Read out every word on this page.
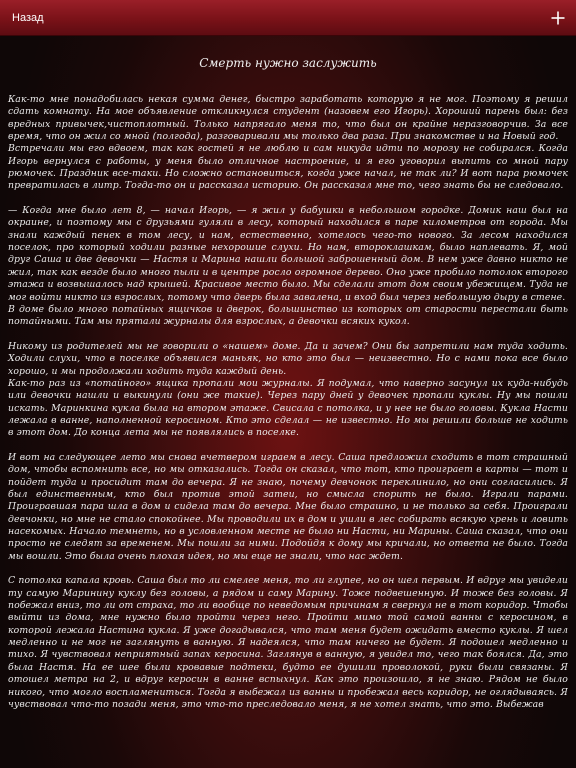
Назад
Смерть нужно заслужить

Как-то мне понадобилась некая сумма денег, быстро заработать которую я не мог. Поэтому я решил сдать комнату. На мое объявление откликнулся студент (назовем его Игорь). Хороший парень был: без вредных привычек,чистоплотный. Только напрягало меня то, что был он крайне неразговорчив. За все время, что он жил со мной (полгода), разговаривали мы только два раза. При знакомстве и на Новый год.
Встречали мы его вдвоем, так как гостей я не люблю и сам никуда идти по морозу не собирался. Когда Игорь вернулся с работы, у меня было отличное настроение, и я его уговорил выпить со мной пару рюмочек. Праздник все-таки. Но сложно остановиться, когда уже начал, не так ли? И вот пара рюмочек превратилась в литр. Тогда-то он и рассказал историю. Он рассказал мне то, чего знать бы не следовало.

— Когда мне было лет 8, — начал Игорь, — я жил у бабушки в небольшом городке. Домик наш был на окраине, и поэтому мы с друзьями гуляли в лесу, который находился в паре километров от города. Мы знали каждый пенек в том лесу, и нам, естественно, хотелось чего-то нового. За лесом находился поселок, про который ходили разные нехорошие слухи. Но нам, второклашкам, было наплевать. Я, мой друг Саша и две девочки — Настя и Марина нашли большой заброшенный дом. В нем уже давно никто не жил, так как везде было много пыли и в центре росло огромное дерево. Оно уже пробило потолок второго этажа и возвышалось над крышей. Красивое место было. Мы сделали этот дом своим убежищем. Туда не мог войти никто из взрослых, потому что дверь была завалена, и вход был через небольшую дыру в стене.
В доме было много потайных ящичков и дверок, большинство из которых от старости перестали быть потайными. Там мы прятали журналы для взрослых, а девочки всяких кукол.

Никому из родителей мы не говорили о «нашем» доме. Да и зачем? Они бы запретили нам туда ходить. Ходили слухи, что в поселке объявился маньяк, но кто это был — неизвестно. Но с нами пока все было хорошо, и мы продолжали ходить туда каждый день.
Как-то раз из «потайного» ящика пропали мои журналы. Я подумал, что наверно засунул их куда-нибудь или девочки нашли и выкинули (они же такие). Через пару дней у девочек пропали куклы. Ну мы пошли искать. Маринкина кукла была на втором этаже. Свисала с потолка, и у нее не было головы. Кукла Насти лежала в ванне, наполненной керосином. Кто это сделал — не известно. Но мы решили больше не ходить в этот дом. До конца лета мы не появлялись в поселке.

И вот на следующее лето мы снова вчетвером играем в лесу. Саша предложил сходить в тот страшный дом, чтобы вспомнить все, но мы отказались. Тогда он сказал, что тот, кто проиграет в карты — тот и пойдет туда и просидит там до вечера. Я не знаю, почему девчонок переклинило, но они согласились. Я был единственным, кто был против этой затеи, но смысла спорить не было. Играли парами. Проигравшая пара шла в дом и сидела там до вечера. Мне было страшно, и не только за себя. Проиграли девчонки, но мне не стало спокойнее. Мы проводили их в дом и ушли в лес собирать всякую хрень и ловить насекомых. Начало темнеть, но в условленном месте не было ни Насти, ни Марины. Саша сказал, что они просто не следят за временем. Мы пошли за ними. Подойдя к дому мы кричали, но ответа не было. Тогда мы вошли. Это была очень плохая идея, но мы еще не знали, что нас ждет.

С потолка капала кровь. Саша был то ли смелее меня, то ли глупее, но он шел первым. И вдруг мы увидели ту самую Маринину куклу без головы, а рядом и саму Марину. Тоже подвешенную. И тоже без головы. Я побежал вниз, то ли от страха, то ли вообще по неведомым причинам я свернул не в тот коридор. Чтобы выйти из дома, мне нужно было пройти через него. Пройти мимо той самой ванны с керосином, в которой лежала Настина кукла. Я уже догадывался, что там меня будет ожидать вместо куклы. Я шел медленно и не мог не заглянуть в ванную. Я надеялся, что там ничего не будет. Я подошел медленно и тихо. Я чувствовал неприятный запах керосина. Заглянув в ванную, я увидел то, чего так боялся. Да, это была Настя. На ее шее были кровавые подтеки, будто ее душили проволокой, руки были связаны. Я отошел метра на 2, и вдруг керосин в ванне вспыхнул. Как это произошло, я не знаю. Рядом не было никого, что могло воспламениться. Тогда я выбежал из ванны и пробежал весь коридор, не оглядываясь. Я чувствовал что-то позади меня, это что-то преследовало меня, я не хотел знать, что это. Выбежав
